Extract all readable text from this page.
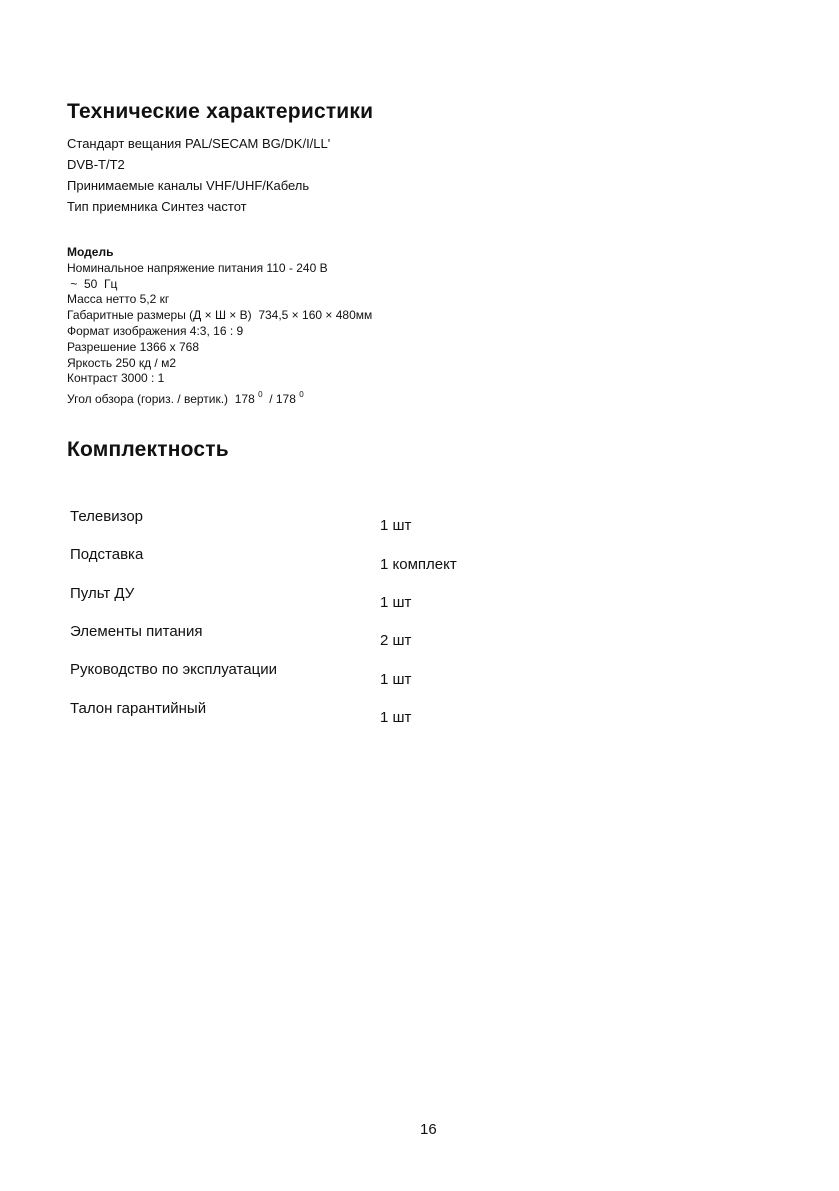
Технические характеристики
Стандарт вещания PAL/SECAM BG/DK/I/LL'
DVB-T/T2
Принимаемые каналы VHF/UHF/Кабель
Тип приемника Синтез частот
Модель
Номинальное напряжение питания 110 - 240 В
~  50  Гц
Масса нетто 5,2 кг
Габаритные размеры (Д × Ш × В)  734,5 × 160 × 480мм
Формат изображения 4:3, 16 : 9
Разрешение 1366 x 768
Яркость 250 кд / м2
Контраст 3000 : 1
Угол обзора (гориз. / вертик.)  178 $^0$  / 178 $^0$
Комплектность
Телевизор
1 шт
Подставка
1 комплект
Пульт ДУ
1 шт
Элементы питания
2 шт
Руководство по эксплуатации
1 шт
Талон гарантийный
1 шт
16
